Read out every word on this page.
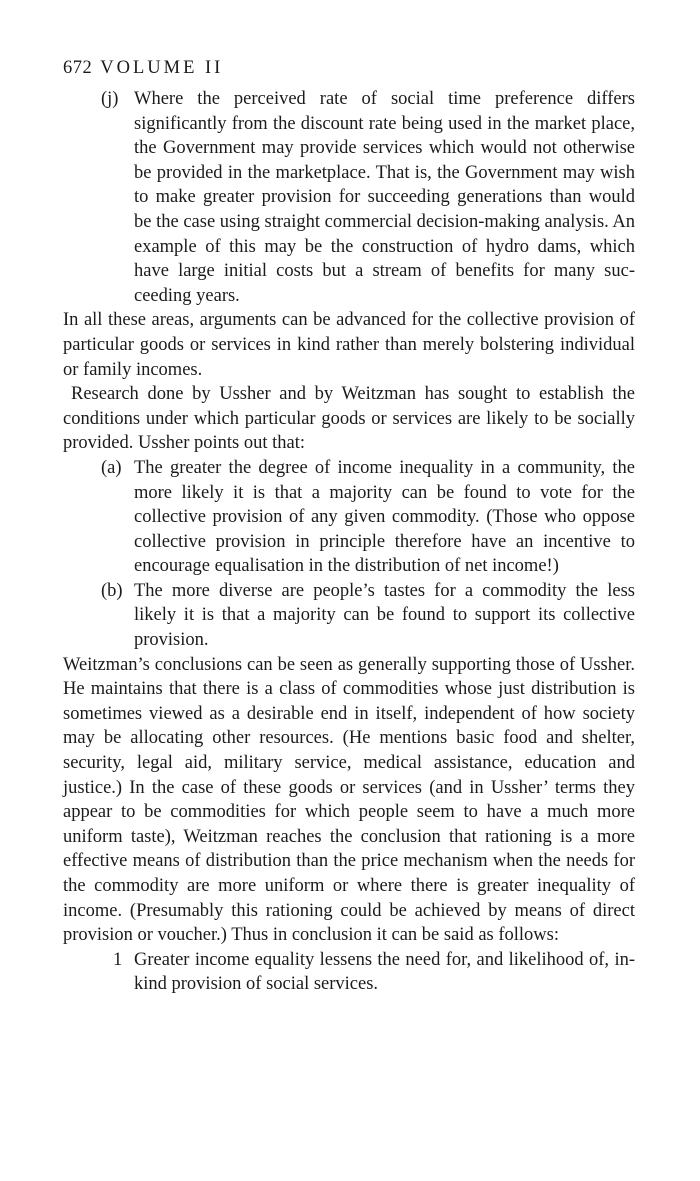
672 VOLUME II
(j) Where the perceived rate of social time preference differs significantly from the discount rate being used in the market place, the Government may provide services which would not otherwise be provided in the marketplace. That is, the Government may wish to make greater provision for succeeding generations than would be the case using straight commercial decision-making analysis. An example of this may be the construction of hydro dams, which have large initial costs but a stream of benefits for many succeeding years.

In all these areas, arguments can be advanced for the collective provision of particular goods or services in kind rather than merely bolstering individual or family incomes.

Research done by Ussher and by Weitzman has sought to establish the conditions under which particular goods or services are likely to be socially provided. Ussher points out that:

(a) The greater the degree of income inequality in a community, the more likely it is that a majority can be found to vote for the collective provision of any given commodity. (Those who oppose collective provision in principle therefore have an incentive to encourage equalisation in the distribution of net income!)
(b) The more diverse are people’s tastes for a commodity the less likely it is that a majority can be found to support its collective provision.

Weitzman’s conclusions can be seen as generally supporting those of Ussher. He maintains that there is a class of commodities whose just distribution is sometimes viewed as a desirable end in itself, independent of how society may be allocating other resources. (He mentions basic food and shelter, security, legal aid, military service, medical assistance, education and justice.) In the case of these goods or services (and in Ussher’ terms they appear to be commodities for which people seem to have a much more uniform taste), Weitzman reaches the conclusion that rationing is a more effective means of distribution than the price mechanism when the needs for the commodity are more uniform or where there is greater inequality of income. (Presumably this rationing could be achieved by means of direct provision or voucher.) Thus in conclusion it can be said as follows:

1 Greater income equality lessens the need for, and likelihood of, in-kind provision of social services.
